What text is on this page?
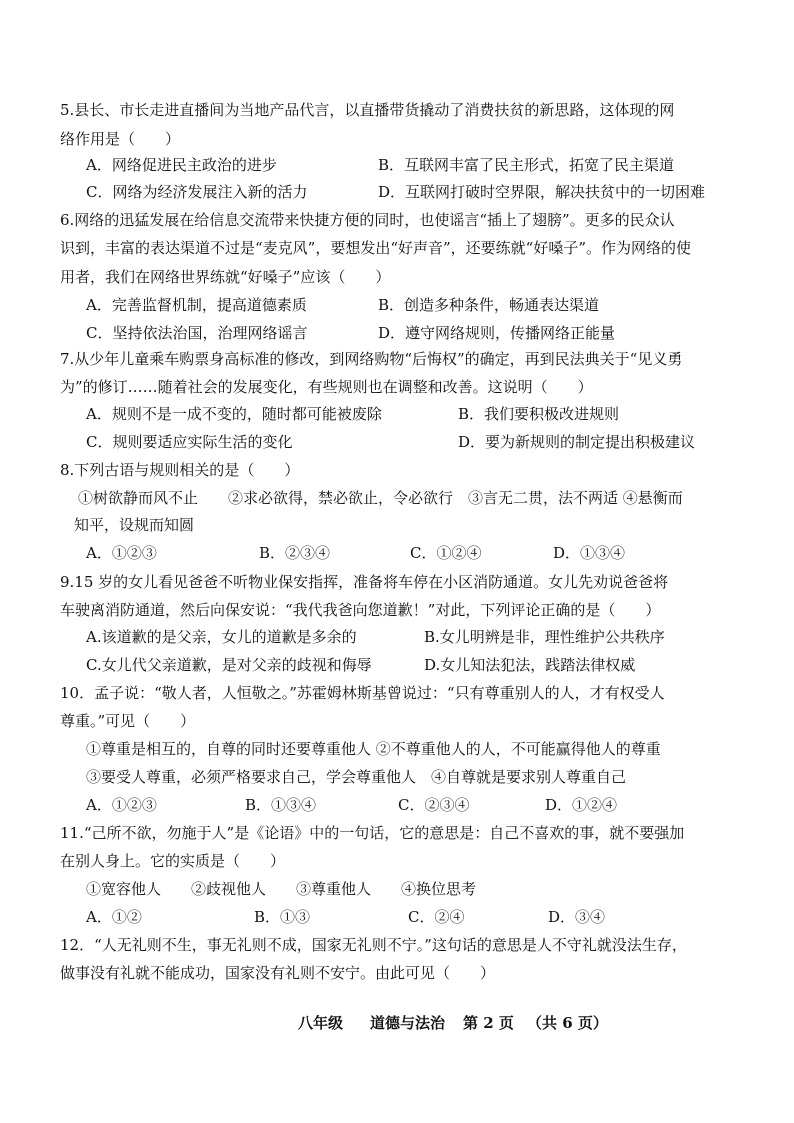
5.县长、市长走进直播间为当地产品代言，以直播带货撬动了消费扶贫的新思路，这体现的网
络作用是（　　）
A．网络促进民主政治的进步	B．互联网丰富了民主形式，拓宽了民主渠道
C．网络为经济发展注入新的活力	D．互联网打破时空界限，解决扶贫中的一切困难
6.网络的迅猛发展在给信息交流带来快捷方便的同时，也使谣言“插上了翅膀”。更多的民众认
识到，丰富的表达渠道不过是“麦克风”，要想发出“好声音”，还要练就“好嗓子”。作为网络的使
用者，我们在网络世界练就“好嗓子”应该（　　）
A．完善监督机制，提高道德素质	B．创造多种条件，畅通表达渠道
C．坚持依法治国，治理网络谣言	D．遵守网络规则，传播网络正能量
7.从少年儿童乘车购票身高标准的修改，到网络购物“后悔权”的确定，再到民法典关于“见义勇
为”的修订……随着社会的发展变化，有些规则也在调整和改善。这说明（　　）
A．规则不是一成不变的，随时都可能被废除	B．我们要积极改进规则
C．规则要适应实际生活的变化	D．要为新规则的制定提出积极建议
8.下列古语与规则相关的是（　　）
①树欲静而风不止　　②求必欲得，禁必欲止，令必欲行　③言无二贯，法不两适 ④悬衡而
知平，设规而知圆
A．①②③	B．②③④	C．①②④	D．①③④
9.15 岁的女儿看见爸爸不听物业保安指挥，准备将车停在小区消防通道。女儿先劝说爸爸将
车驶离消防通道，然后向保安说：“我代我爸向您道歉！”对此，下列评论正确的是（　　）
A.该道歉的是父亲，女儿的道歉是多余的	B.女儿明辨是非，理性维护公共秩序
C.女儿代父亲道歉，是对父亲的歧视和侮辱	D.女儿知法犯法，践踏法律权威
10．孟子说：“敬人者，人恒敬之。”苏霍姆林斯基曾说过：“只有尊重别人的人，才有权受人
尊重。”可见（　　）
①尊重是相互的，自尊的同时还要尊重他人 ②不尊重他人的人，不可能赢得他人的尊重
③要受人尊重，必须严格要求自己，学会尊重他人　④自尊就是要求别人尊重自己
A．①②③	B．①③④	C．②③④	D．①②④
11.“己所不欲，勿施于人”是《论语》中的一句话，它的意思是：自己不喜欢的事，就不要强加
在别人身上。它的实质是（　　）
①宽容他人　　②歧视他人　　③尊重他人　　④换位思考
A．①②	B．①③	C．②④	D．③④
12．“人无礼则不生，事无礼则不成，国家无礼则不宁。”这句话的意思是人不守礼就没法生存，
做事没有礼就不能成功，国家没有礼则不安宁。由此可见（　　）
八年级 道德与法治 第 2 页 （共 6 页）
